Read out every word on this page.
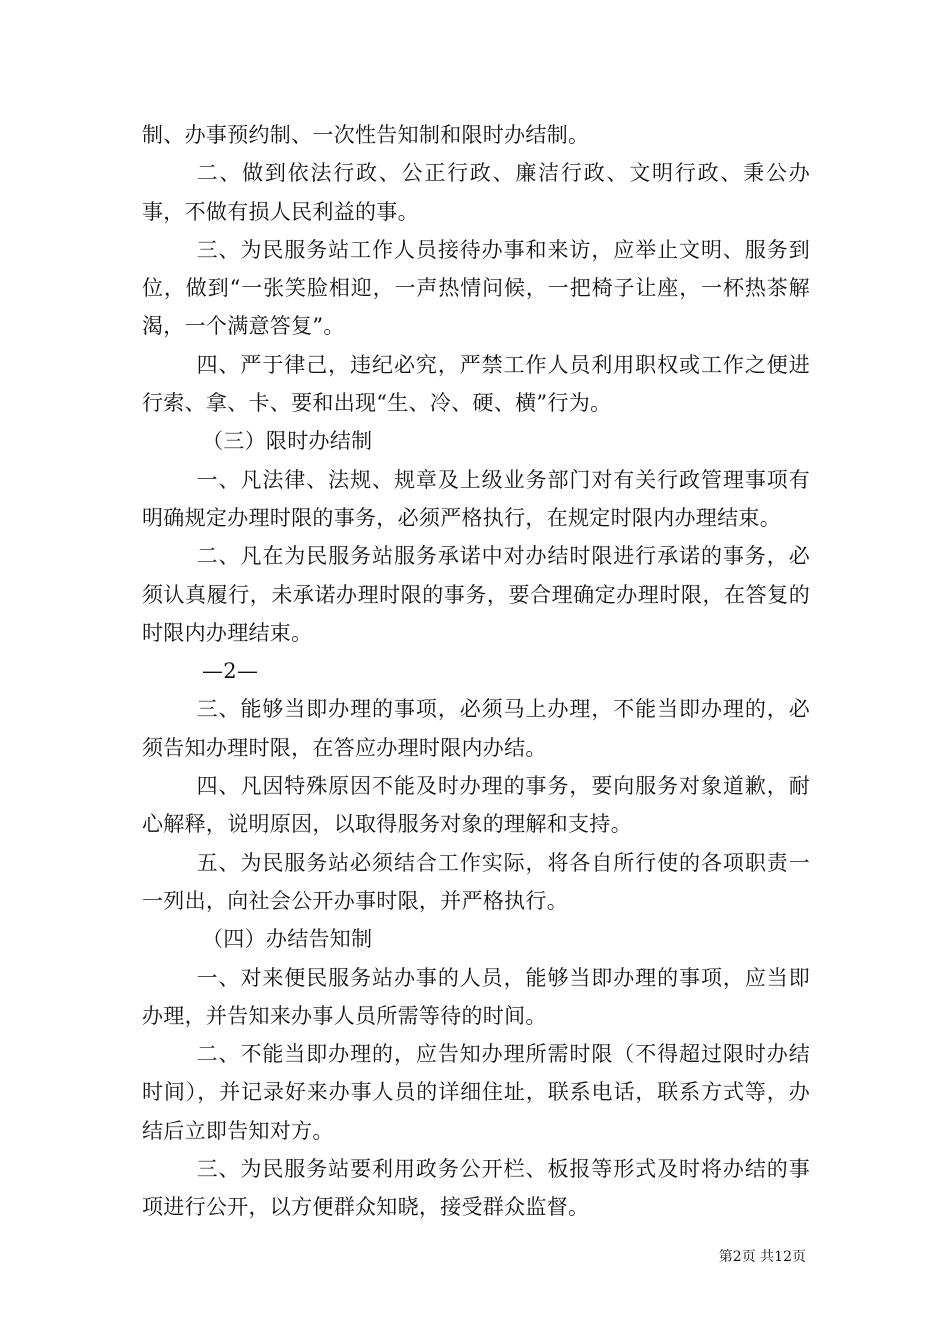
制、办事预约制、一次性告知制和限时办结制。

二、做到依法行政、公正行政、廉洁行政、文明行政、秉公办事，不做有损人民利益的事。

三、为民服务站工作人员接待办事和来访，应举止文明、服务到位，做到“一张笑脸相迎，一声热情问候，一把椅子让座，一杯热茶解渴，一个满意答复”。

四、严于律己，违纪必究，严禁工作人员利用职权或工作之便进行索、拿、卡、要和出现“生、冷、硬、横”行为。

（三）限时办结制

一、凡法律、法规、规章及上级业务部门对有关行政管理事项有明确规定办理时限的事务，必须严格执行，在规定时限内办理结束。

二、凡在为民服务站服务承诺中对办结时限进行承诺的事务，必须认真履行，未承诺办理时限的事务，要合理确定办理时限，在答复的时限内办理结束。

—2—

三、能够当即办理的事项，必须马上办理，不能当即办理的，必须告知办理时限，在答应办理时限内办结。

四、凡因特殊原因不能及时办理的事务，要向服务对象道歉，耐心解释，说明原因，以取得服务对象的理解和支持。

五、为民服务站必须结合工作实际，将各自所行使的各项职责一一列出，向社会公开办事时限，并严格执行。

（四）办结告知制

一、对来便民服务站办事的人员，能够当即办理的事项，应当即办理，并告知来办事人员所需等待的时间。

二、不能当即办理的，应告知办理所需时限（不得超过限时办结时间），并记录好来办事人员的详细住址，联系电话，联系方式等，办结后立即告知对方。

三、为民服务站要利用政务公开栏、板报等形式及时将办结的事项进行公开，以方便群众知晓，接受群众监督。

第2页 共12页
